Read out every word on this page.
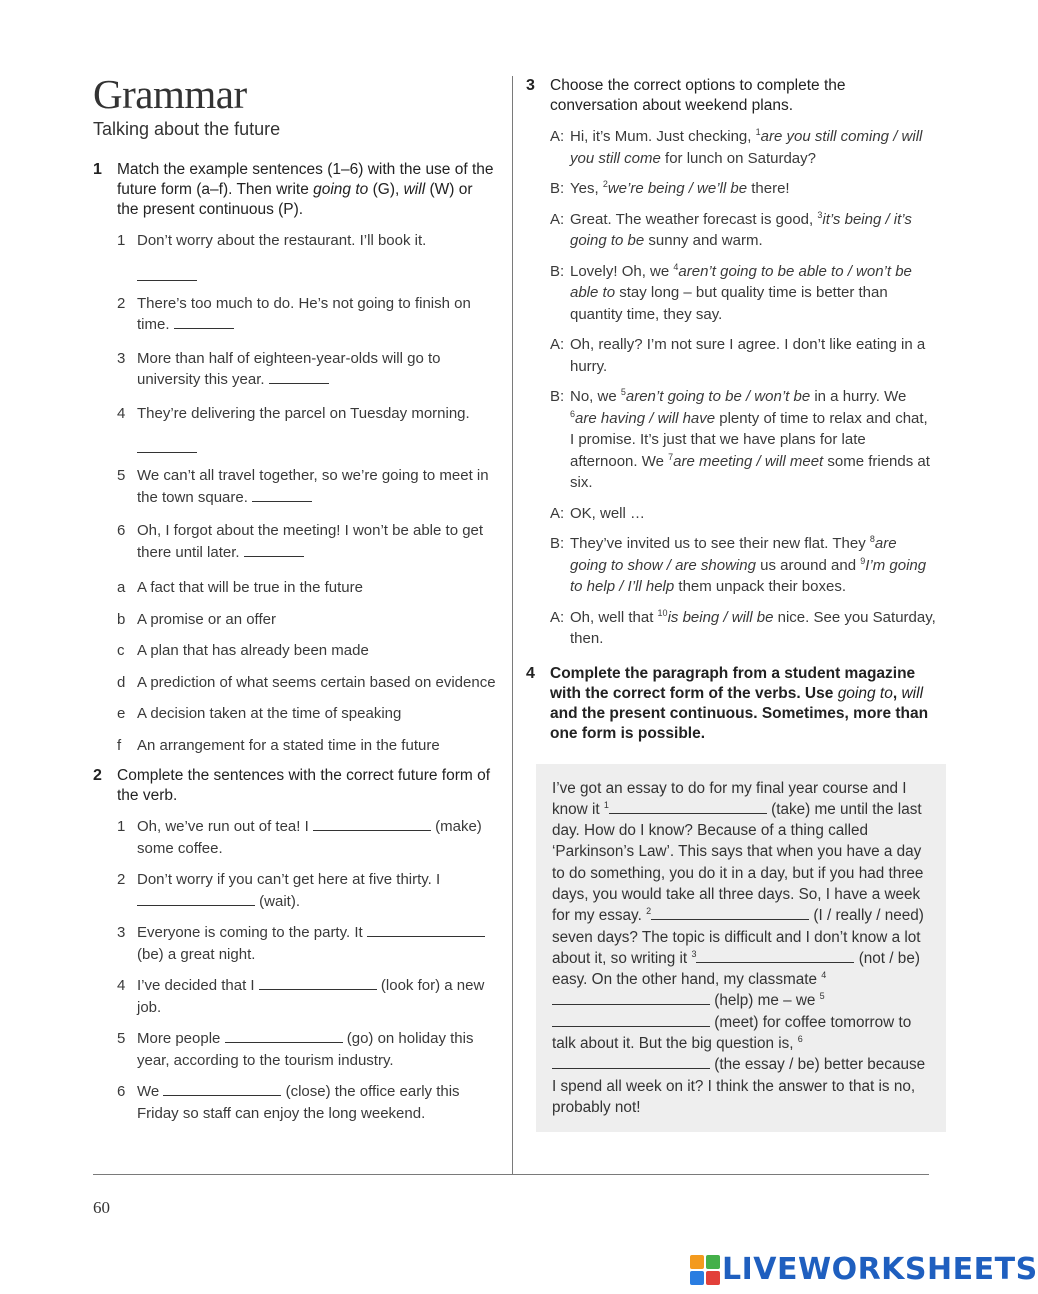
Grammar

Talking about the future

1 Match the example sentences (1–6) with the use of the future form (a–f). Then write going to (G), will (W) or the present continuous (P).
1 Don’t worry about the restaurant. I’ll book it.
2 There’s too much to do. He’s not going to finish on time.
3 More than half of eighteen-year-olds will go to university this year.
4 They’re delivering the parcel on Tuesday morning.
5 We can’t all travel together, so we’re going to meet in the town square.
6 Oh, I forgot about the meeting! I won’t be able to get there until later.
a A fact that will be true in the future
b A promise or an offer
c A plan that has already been made
d A prediction of what seems certain based on evidence
e A decision taken at the time of speaking
f	An arrangement for a stated time in the future
2 Complete the sentences with the correct future form of the verb.
1 Oh, we’ve run out of tea! I	(make) some coffee.
2 Don’t worry if you can’t get here at five thirty. I  (wait).
3 Everyone is coming to the party. It  (be) a great night.
4 I’ve decided that I	(look for) a new job.
5 More people	(go) on holiday this year, according to the tourism industry.
6 We	(close) the office early this Friday so staff can enjoy the long weekend.
3 Choose the correct options to complete the conversation about weekend plans.
A: Hi, it’s Mum. Just checking, $^1$are you still coming / will you still come for lunch on Saturday?
B: Yes, $^2$we’re being / we’ll be there!
A: Great. The weather forecast is good, $^3$it’s being / it’s going to be sunny and warm.
B: Lovely! Oh, we $^4$aren’t going to be able to / won’t be able to stay long – but quality time is better than quantity time, they say.
A: Oh, really? I’m not sure I agree. I don’t like eating in a hurry.
B: No, we $^5$aren’t going to be / won’t be in a hurry. We $^6$are having / will have plenty of time to relax and chat, I promise. It’s just that we have plans for late afternoon. We $^7$are meeting / will meet some friends at six.
A: OK, well …
B: They’ve invited us to see their new flat. They $^8$are going to show / are showing us around and $^9$I’m going to help / I’ll help them unpack their boxes.
A: Oh, well that $^{10}$is being / will be nice. See you Saturday, then.
4 Complete the paragraph from a student magazine with the correct form of the verbs. Use going to, will and the present continuous. Sometimes, more than one form is possible.
I’ve got an essay to do for my final year course and I know it $^1$	(take) me until the last day. How do I know? Because of a thing called ‘Parkinson’s Law’. This says that when you have a day to do something, you do it in a day, but if you had three days, you would take all three days. So, I have a week for my essay. $^2$	(I / really / need) seven days? The topic is difficult and I don’t know a lot about it, so writing it $^3$	(not / be) easy. On the other hand, my classmate $^4$ (help) me – we $^5$ (meet) for coffee tomorrow to talk about it. But the big question is, $^6$ (the essay / be) better because I spend all week on it? I think the answer to that is no, probably not!
60
LIVEWORKSHEETS
